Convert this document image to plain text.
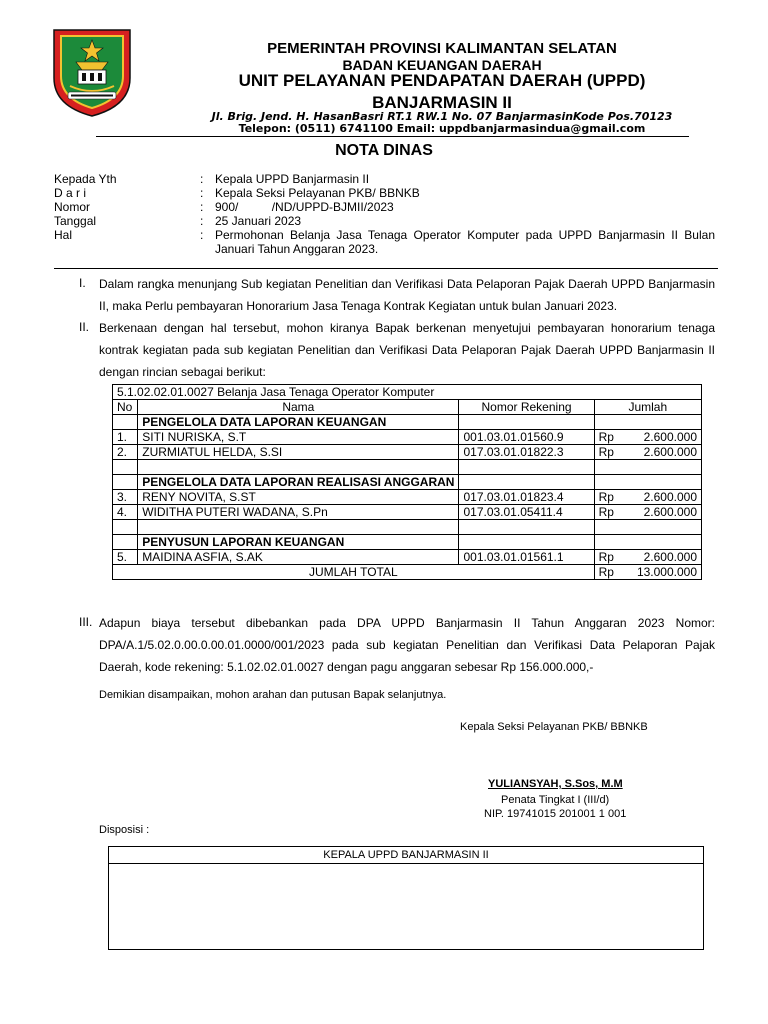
PEMERINTAH PROVINSI KALIMANTAN SELATAN
BADAN KEUANGAN DAERAH
UNIT PELAYANAN PENDAPATAN DAERAH (UPPD)
BANJARMASIN II
Jl. Brig. Jend. H. HasanBasri RT.1 RW.1 No. 07 BanjarmasinKode Pos.70123
Telepon: (0511) 6741100 Email: uppdbanjarmasindua@gmail.com
NOTA DINAS
Kepada Yth	: Kepala UPPD Banjarmasin II
D a r i	: Kepala Seksi Pelayanan PKB/ BBNKB
Nomor	: 900/          /ND/UPPD-BJMII/2023
Tanggal	: 25 Januari 2023
Hal	: Permohonan Belanja Jasa Tenaga Operator Komputer pada UPPD Banjarmasin II Bulan Januari Tahun Anggaran 2023.
I. Dalam rangka menunjang Sub kegiatan Penelitian dan Verifikasi Data Pelaporan Pajak Daerah UPPD Banjarmasin II, maka Perlu pembayaran Honorarium Jasa Tenaga Kontrak Kegiatan untuk bulan Januari 2023.
II. Berkenaan dengan hal tersebut, mohon kiranya Bapak berkenan menyetujui pembayaran honorarium tenaga kontrak kegiatan pada sub kegiatan Penelitian dan Verifikasi Data Pelaporan Pajak Daerah UPPD Banjarmasin II dengan rincian sebagai berikut:
5.1.02.02.01.0027 Belanja Jasa Tenaga Operator Komputer				
No	Nama	Nomor Rekening	Jumlah	
	PENGELOLA DATA LAPORAN KEUANGAN			
1.	SITI NURISKA, S.T	001.03.01.01560.9	Rp	2.600.000
2.	ZURMIATUL HELDA, S.SI	017.03.01.01822.3	Rp	2.600.000

	PENGELOLA DATA LAPORAN REALISASI ANGGARAN			
3.	RENY NOVITA, S.ST	017.03.01.01823.4	Rp	2.600.000
4.	WIDITHA PUTERI WADANA, S.Pn	017.03.01.05411.4	Rp	2.600.000

	PENYUSUN LAPORAN KEUANGAN			
5.	MAIDINA ASFIA, S.AK	001.03.01.01561.1	Rp	2.600.000
JUMLAH TOTAL			Rp	13.000.000
III. Adapun biaya tersebut dibebankan pada DPA UPPD Banjarmasin II Tahun Anggaran 2023 Nomor: DPA/A.1/5.02.0.00.0.00.01.0000/001/2023 pada sub kegiatan Penelitian dan Verifikasi Data Pelaporan Pajak Daerah, kode rekening: 5.1.02.02.01.0027 dengan pagu anggaran sebesar Rp 156.000.000,-
Demikian disampaikan, mohon arahan dan putusan Bapak selanjutnya.
Kepala Seksi Pelayanan PKB/ BBNKB
YULIANSYAH, S.Sos, M.M
Penata Tingkat I (III/d)
NIP. 19741015 201001 1 001
Disposisi :
KEPALA UPPD BANJARMASIN II
